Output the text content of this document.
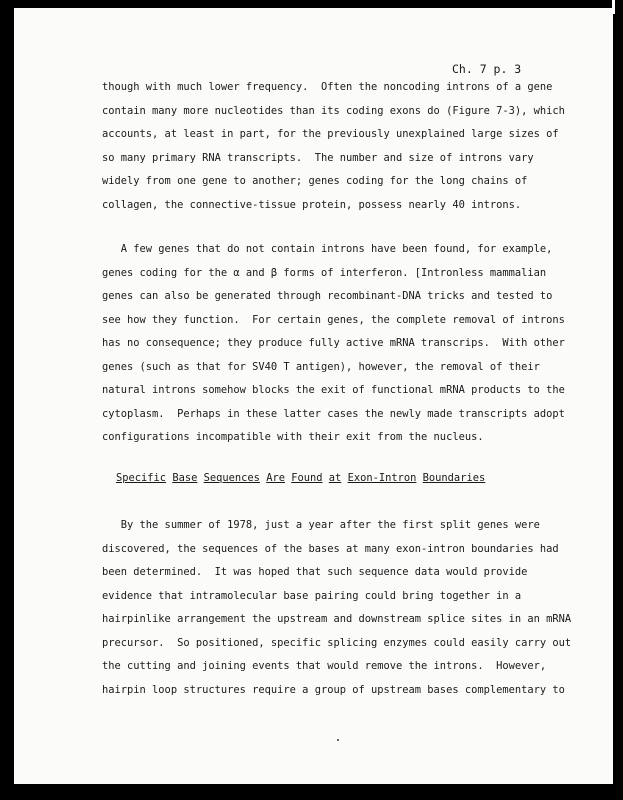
Ch. 7 p. 3

though with much lower frequency.  Often the noncoding introns of a gene
contain many more nucleotides than its coding exons do (Figure 7-3), which
accounts, at least in part, for the previously unexplained large sizes of
so many primary RNA transcripts.  The number and size of introns vary
widely from one gene to another; genes coding for the long chains of
collagen, the connective-tissue protein, possess nearly 40 introns.
A few genes that do not contain introns have been found, for example,
genes coding for the α and β forms of interferon. [Intronless mammalian
genes can also be generated through recombinant-DNA tricks and tested to
see how they function.  For certain genes, the complete removal of introns
has no consequence; they produce fully active mRNA transcrips.  With other
genes (such as that for SV40 T antigen), however, the removal of their
natural introns somehow blocks the exit of functional mRNA products to the
cytoplasm.  Perhaps in these latter cases the newly made transcripts adopt
configurations incompatible with their exit from the nucleus.

Specific Base Sequences Are Found at Exon-Intron Boundaries

By the summer of 1978, just a year after the first split genes were
discovered, the sequences of the bases at many exon-intron boundaries had
been determined.  It was hoped that such sequence data would provide
evidence that intramolecular base pairing could bring together in a
hairpinlike arrangement the upstream and downstream splice sites in an mRNA
precursor.  So positioned, specific splicing enzymes could easily carry out
the cutting and joining events that would remove the introns.  However,
hairpin loop structures require a group of upstream bases complementary to
